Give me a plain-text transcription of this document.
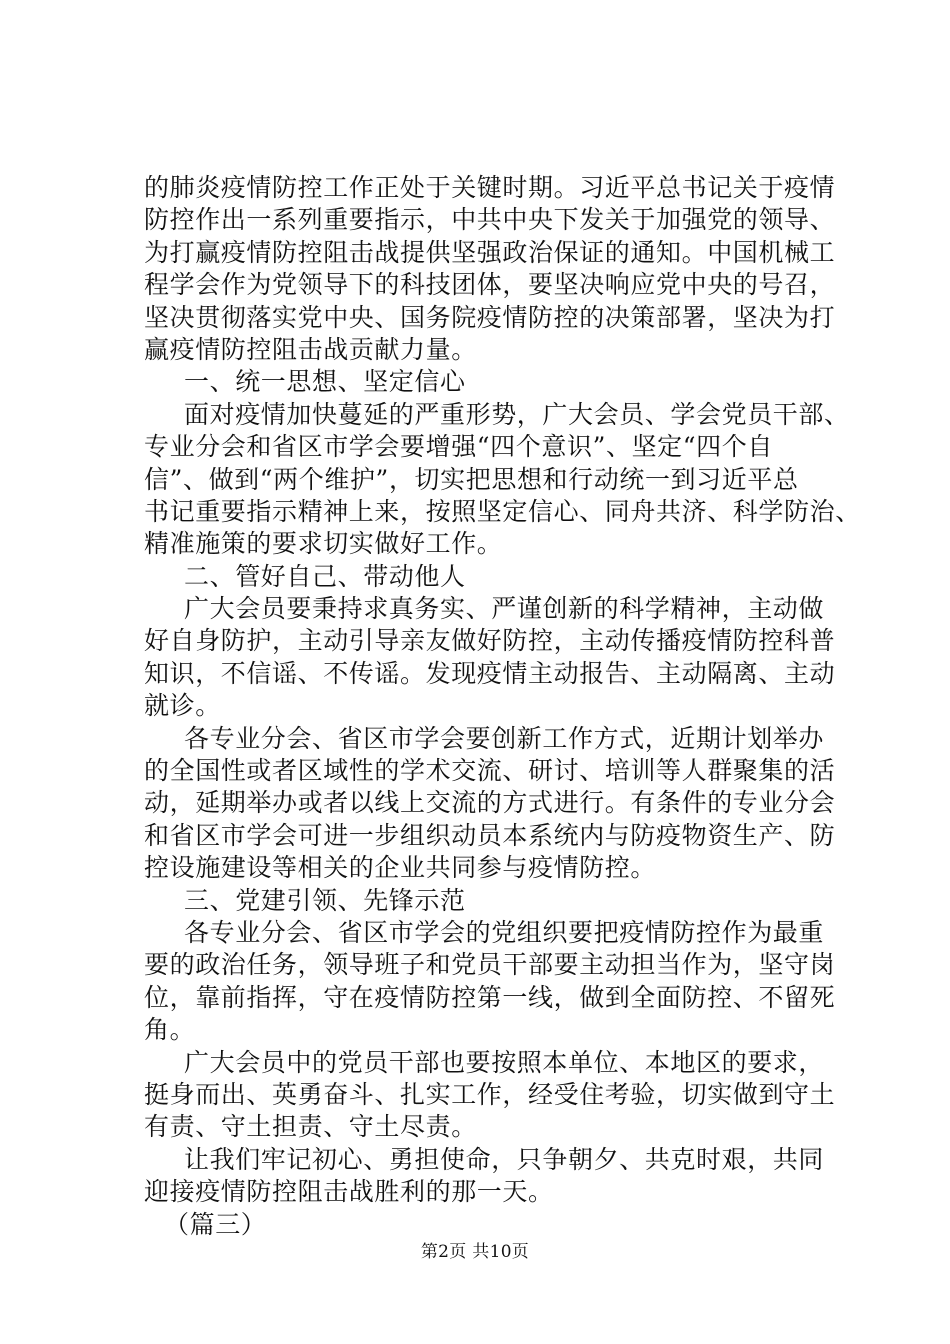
的肺炎疫情防控工作正处于关键时期。习近平总书记关于疫情
防控作出一系列重要指示，中共中央下发关于加强党的领导、
为打赢疫情防控阻击战提供坚强政治保证的通知。中国机械工
程学会作为党领导下的科技团体，要坚决响应党中央的号召，
坚决贯彻落实党中央、国务院疫情防控的决策部署，坚决为打
赢疫情防控阻击战贡献力量。
一、统一思想、坚定信心
面对疫情加快蔓延的严重形势，广大会员、学会党员干部、
专业分会和省区市学会要增强“四个意识”、坚定“四个自
信”、做到“两个维护”，切实把思想和行动统一到习近平总
书记重要指示精神上来，按照坚定信心、同舟共济、科学防治、
精准施策的要求切实做好工作。
二、管好自己、带动他人
广大会员要秉持求真务实、严谨创新的科学精神，主动做
好自身防护，主动引导亲友做好防控，主动传播疫情防控科普
知识，不信谣、不传谣。发现疫情主动报告、主动隔离、主动
就诊。
各专业分会、省区市学会要创新工作方式，近期计划举办
的全国性或者区域性的学术交流、研讨、培训等人群聚集的活
动，延期举办或者以线上交流的方式进行。有条件的专业分会
和省区市学会可进一步组织动员本系统内与防疫物资生产、防
控设施建设等相关的企业共同参与疫情防控。
三、党建引领、先锋示范
各专业分会、省区市学会的党组织要把疫情防控作为最重
要的政治任务，领导班子和党员干部要主动担当作为，坚守岗
位，靠前指挥，守在疫情防控第一线，做到全面防控、不留死
角。
广大会员中的党员干部也要按照本单位、本地区的要求，
挺身而出、英勇奋斗、扎实工作，经受住考验，切实做到守土
有责、守土担责、守土尽责。
让我们牢记初心、勇担使命，只争朝夕、共克时艰，共同
迎接疫情防控阻击战胜利的那一天。
（篇三）
第2页 共10页
